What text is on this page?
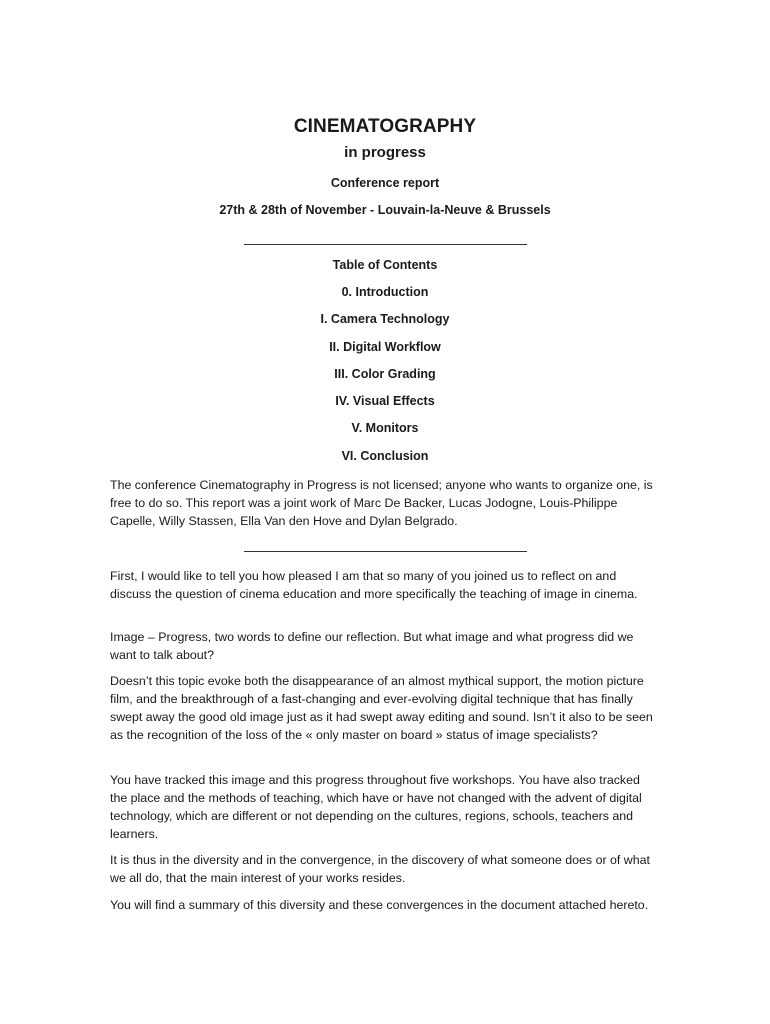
CINEMATOGRAPHY
in progress
Conference report
27th & 28th of November - Louvain-la-Neuve & Brussels
Table of Contents
0. Introduction
I. Camera Technology
II. Digital Workflow
III. Color Grading
IV. Visual Effects
V. Monitors
VI. Conclusion

The conference Cinematography in Progress is not licensed; anyone who wants to organize one, is free to do so. This report was a joint work of Marc De Backer, Lucas Jodogne, Louis-Philippe Capelle, Willy Stassen, Ella Van den Hove and Dylan Belgrado.

First, I would like to tell you how pleased I am that so many of you joined us to reflect on and discuss the question of cinema education and more specifically the teaching of image in cinema.

Image – Progress, two words to define our reflection. But what image and what progress did we want to talk about?

Doesn’t this topic evoke both the disappearance of an almost mythical support, the motion picture film, and the breakthrough of a fast-changing and ever-evolving digital technique that has finally swept away the good old image just as it had swept away editing and sound. Isn’t it also to be seen as the recognition of the loss of the « only master on board » status of image specialists?

You have tracked this image and this progress throughout five workshops. You have also tracked the place and the methods of teaching, which have or have not changed with the advent of digital technology, which are different or not depending on the cultures, regions, schools, teachers and learners.

It is thus in the diversity and in the convergence, in the discovery of what someone does or of what we all do, that the main interest of your works resides.

You will find a summary of this diversity and these convergences in the document attached hereto.
